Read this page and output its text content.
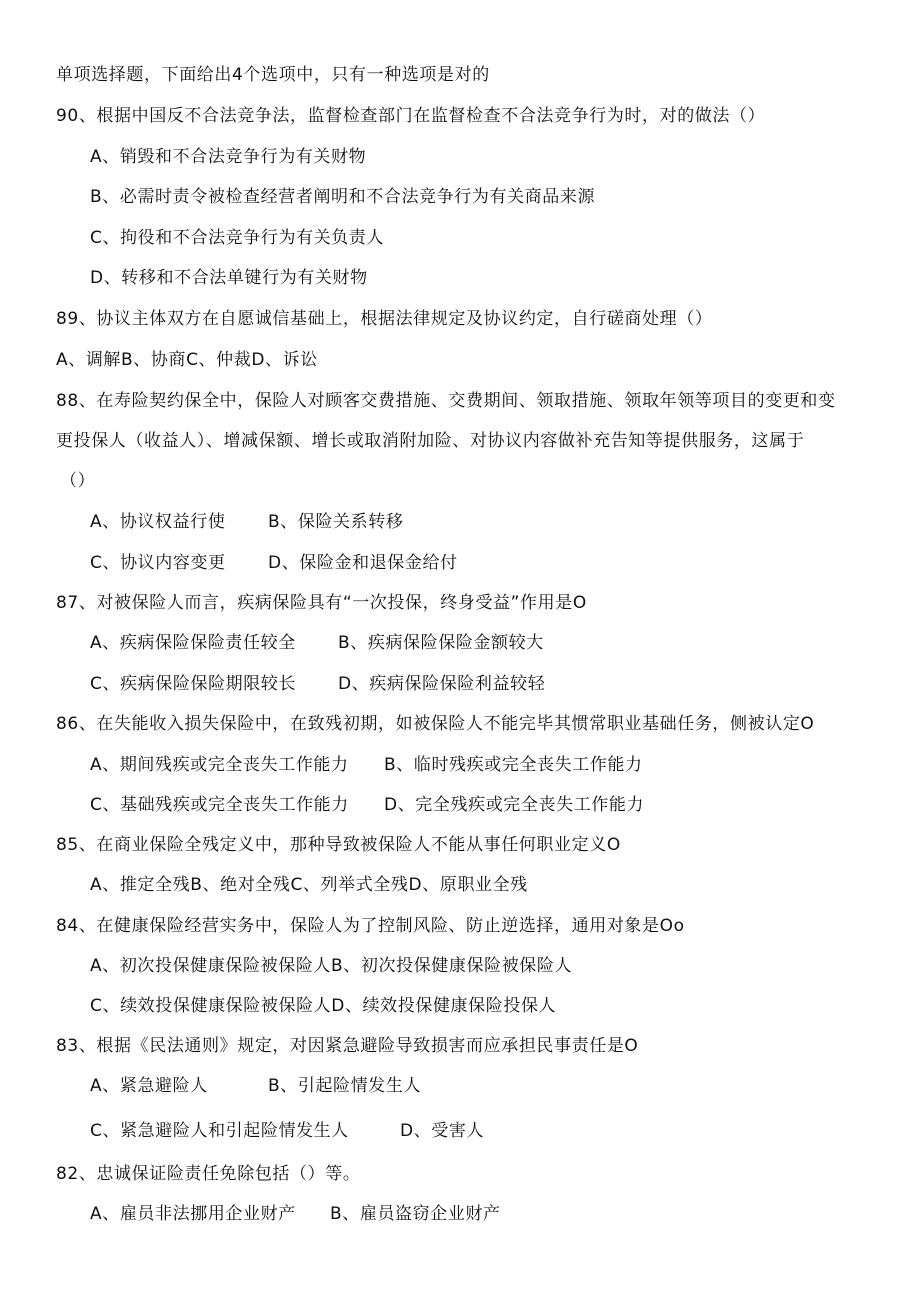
单项选择题，下面给出4个选项中，只有一种选项是对的
90、根据中国反不合法竞争法，监督检查部门在监督检查不合法竞争行为时，对的做法（）
A、销毁和不合法竞争行为有关财物
B、必需时责令被检查经营者阐明和不合法竞争行为有关商品来源
C、拘役和不合法竞争行为有关负责人
D、转移和不合法单键行为有关财物
89、协议主体双方在自愿诚信基础上，根据法律规定及协议约定，自行磋商处理（）
A、调解B、协商C、仲裁D、诉讼
88、在寿险契约保全中，保险人对顾客交费措施、交费期间、领取措施、领取年领等项目的变更和变
更投保人（收益人）、增减保额、增长或取消附加险、对协议内容做补充告知等提供服务，这属于
（）
A、协议权益行使	B、保险关系转移
C、协议内容变更 D、保险金和退保金给付
87、对被保险人而言，疾病保险具有“一次投保，终身受益”作用是O
A、疾病保险保险责任较全 B、疾病保险保险金额较大
C、疾病保险保险期限较长 D、疾病保险保险利益较轻
86、在失能收入损失保险中，在致残初期，如被保险人不能完毕其惯常职业基础任务，侧被认定O
A、期间残疾或完全丧失工作能力 B、临时残疾或完全丧失工作能力
C、基础残疾或完全丧失工作能力 D、完全残疾或完全丧失工作能力
85、在商业保险全残定义中，那种导致被保险人不能从事任何职业定义O
A、推定全残B、绝对全残C、列举式全残D、原职业全残
84、在健康保险经营实务中，保险人为了控制风险、防止逆选择，通用对象是Oo
A、初次投保健康保险被保险人B、初次投保健康保险被保险人
C、续效投保健康保险被保险人D、续效投保健康保险投保人
83、根据《民法通则》规定，对因紧急避险导致损害而应承担民事责任是O
A、紧急避险人	B、引起险情发生人
C、紧急避险人和引起险情发生人	D、受害人
82、忠诚保证险责任免除包括（）等。
A、雇员非法挪用企业财产 B、雇员盗窃企业财产
